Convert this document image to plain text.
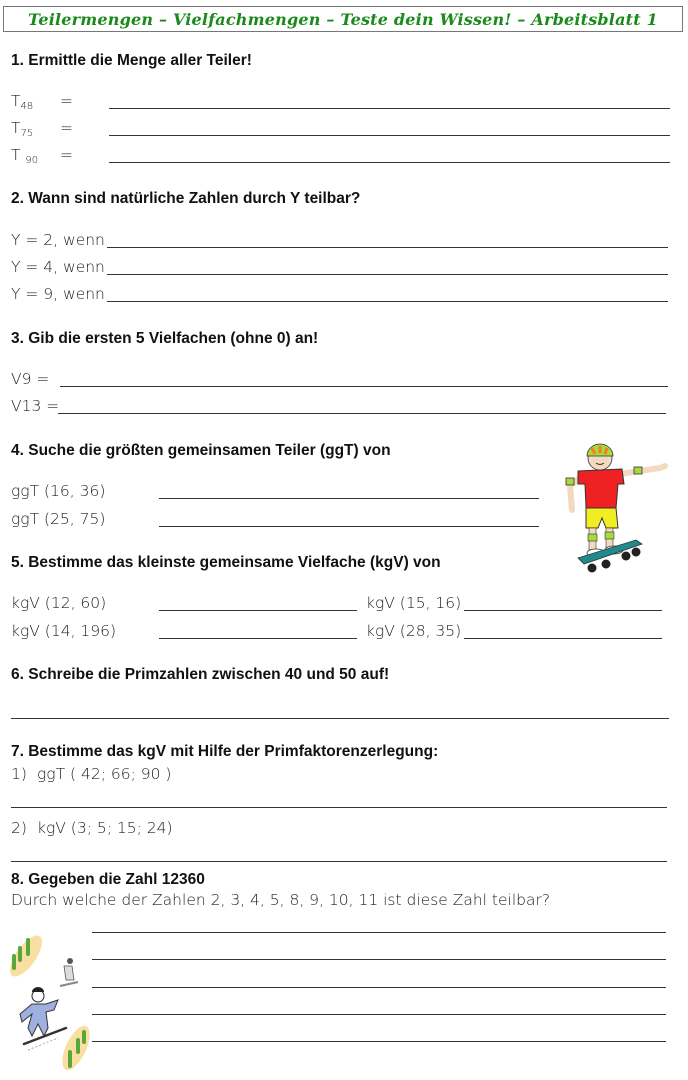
Teilermengen – Vielfachmengen – Teste dein Wissen! – Arbeitsblatt 1
1. Ermittle die Menge aller Teiler!
$T_{48}$ =
$T_{75}$ =
T $_{90}$ =
2. Wann sind natürliche Zahlen durch Y teilbar?
Y = 2, wenn
Y = 4, wenn
Y = 9, wenn
3. Gib die ersten 5 Vielfachen (ohne 0) an!
V9 =
V13 =
4. Suche die größten gemeinsamen Teiler (ggT) von
ggT (16, 36)
ggT (25, 75)
5. Bestimme das kleinste gemeinsame Vielfache (kgV) von
kgV (12, 60)	kgV (15, 16)
kgV (14, 196)	kgV (28, 35)
6. Schreibe die Primzahlen zwischen 40 und 50 auf!
7. Bestimme das kgV mit Hilfe der Primfaktorenzerlegung:
1) ggT ( 42; 66; 90 )
2) kgV (3; 5; 15; 24)
8. Gegeben die Zahl 12360
Durch welche der Zahlen 2, 3, 4, 5, 8, 9, 10, 11 ist diese Zahl teilbar?
